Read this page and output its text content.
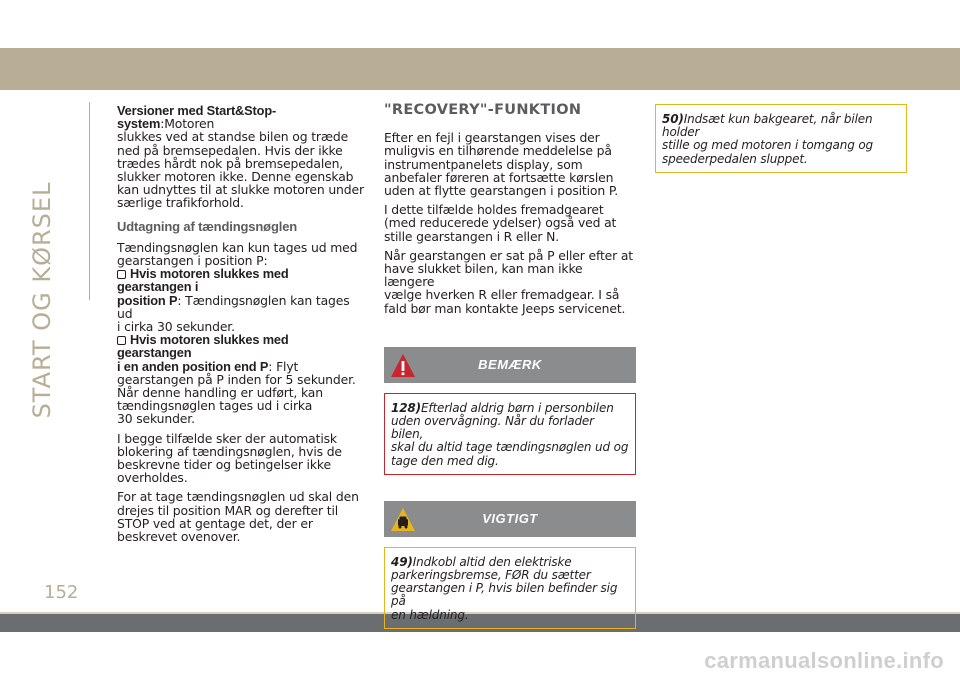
START OG KØRSEL
152

Versioner med Start&Stop-system:Motoren
slukkes ved at standse bilen og træde
ned på bremsepedalen. Hvis der ikke
trædes hårdt nok på bremsepedalen,
slukker motoren ikke. Denne egenskab
kan udnyttes til at slukke motoren under
særlige trafikforhold.

Udtagning af tændingsnøglen

Tændingsnøglen kan kun tages ud med
gearstangen i position P:

Hvis motoren slukkes med gearstangen i
position P: Tændingsnøglen kan tages ud
i cirka 30 sekunder.

Hvis motoren slukkes med gearstangen
i en anden position end P: Flyt
gearstangen på P inden for 5 sekunder.
Når denne handling er udført, kan
tændingsnøglen tages ud i cirka
30 sekunder.

I begge tilfælde sker der automatisk
blokering af tændingsnøglen, hvis de
beskrevne tider og betingelser ikke
overholdes.

For at tage tændingsnøglen ud skal den
drejes til position MAR og derefter til
STOP ved at gentage det, der er
beskrevet ovenover.

"RECOVERY"-FUNKTION

Efter en fejl i gearstangen vises der
muligvis en tilhørende meddelelse på
instrumentpanelets display, som
anbefaler føreren at fortsætte kørslen
uden at flytte gearstangen i position P.

I dette tilfælde holdes fremadgearet
(med reducerede ydelser) også ved at
stille gearstangen i R eller N.

Når gearstangen er sat på P eller efter at
have slukket bilen, kan man ikke længere
vælge hverken R eller fremadgear. I så
fald bør man kontakte Jeeps servicenet.

BEMÆRK
128)Efterlad aldrig børn i personbilen
uden overvågning. Når du forlader bilen,
skal du altid tage tændingsnøglen ud og
tage den med dig.
VIGTIGT
49)Indkobl altid den elektriske
parkeringsbremse, FØR du sætter
gearstangen i P, hvis bilen befinder sig på
en hældning.
50)Indsæt kun bakgearet, når bilen holder
stille og med motoren i tomgang og
speederpedalen sluppet.
carmanualsonline.info
